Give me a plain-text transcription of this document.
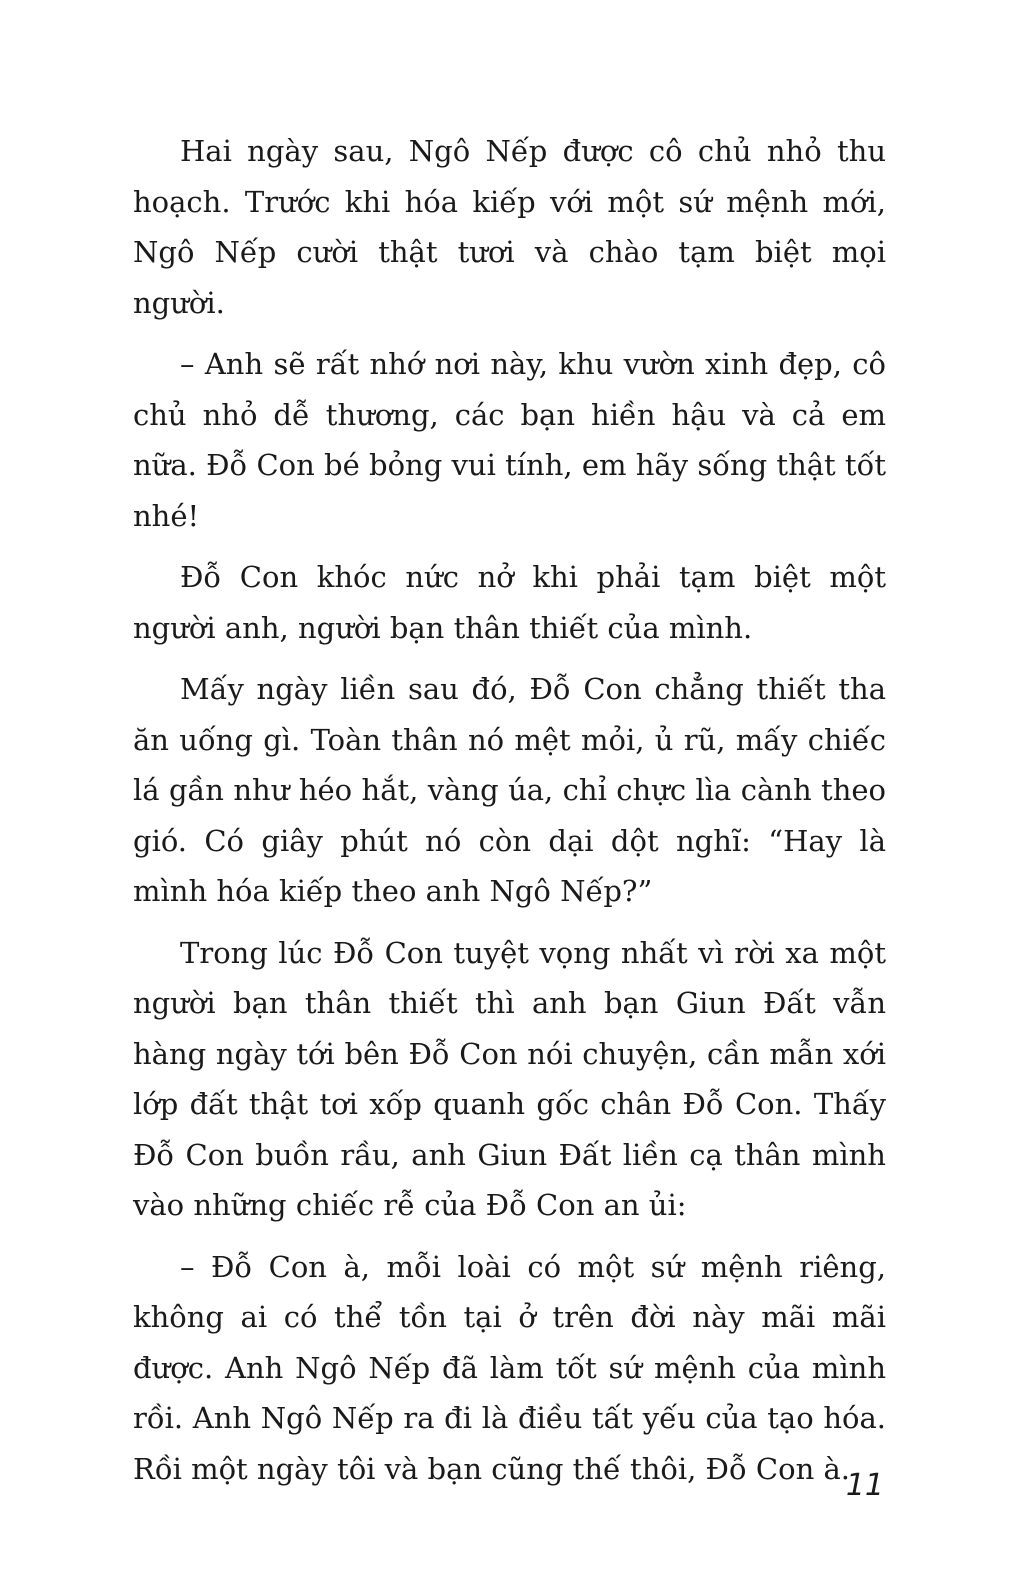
Hai ngày sau, Ngô Nếp được cô chủ nhỏ thu hoạch. Trước khi hóa kiếp với một sứ mệnh mới, Ngô Nếp cười thật tươi và chào tạm biệt mọi người.

– Anh sẽ rất nhớ nơi này, khu vườn xinh đẹp, cô chủ nhỏ dễ thương, các bạn hiền hậu và cả em nữa. Đỗ Con bé bỏng vui tính, em hãy sống thật tốt nhé!

Đỗ Con khóc nức nở khi phải tạm biệt một người anh, người bạn thân thiết của mình.

Mấy ngày liền sau đó, Đỗ Con chẳng thiết tha ăn uống gì. Toàn thân nó mệt mỏi, ủ rũ, mấy chiếc lá gần như héo hắt, vàng úa, chỉ chực lìa cành theo gió. Có giây phút nó còn dại dột nghĩ: “Hay là mình hóa kiếp theo anh Ngô Nếp?”

Trong lúc Đỗ Con tuyệt vọng nhất vì rời xa một người bạn thân thiết thì anh bạn Giun Đất vẫn hàng ngày tới bên Đỗ Con nói chuyện, cần mẫn xới lớp đất thật tơi xốp quanh gốc chân Đỗ Con. Thấy Đỗ Con buồn rầu, anh Giun Đất liền cạ thân mình vào những chiếc rễ của Đỗ Con an ủi:

– Đỗ Con à, mỗi loài có một sứ mệnh riêng, không ai có thể tồn tại ở trên đời này mãi mãi được. Anh Ngô Nếp đã làm tốt sứ mệnh của mình rồi. Anh Ngô Nếp ra đi là điều tất yếu của tạo hóa. Rồi một ngày tôi và bạn cũng thế thôi, Đỗ Con à.

11
